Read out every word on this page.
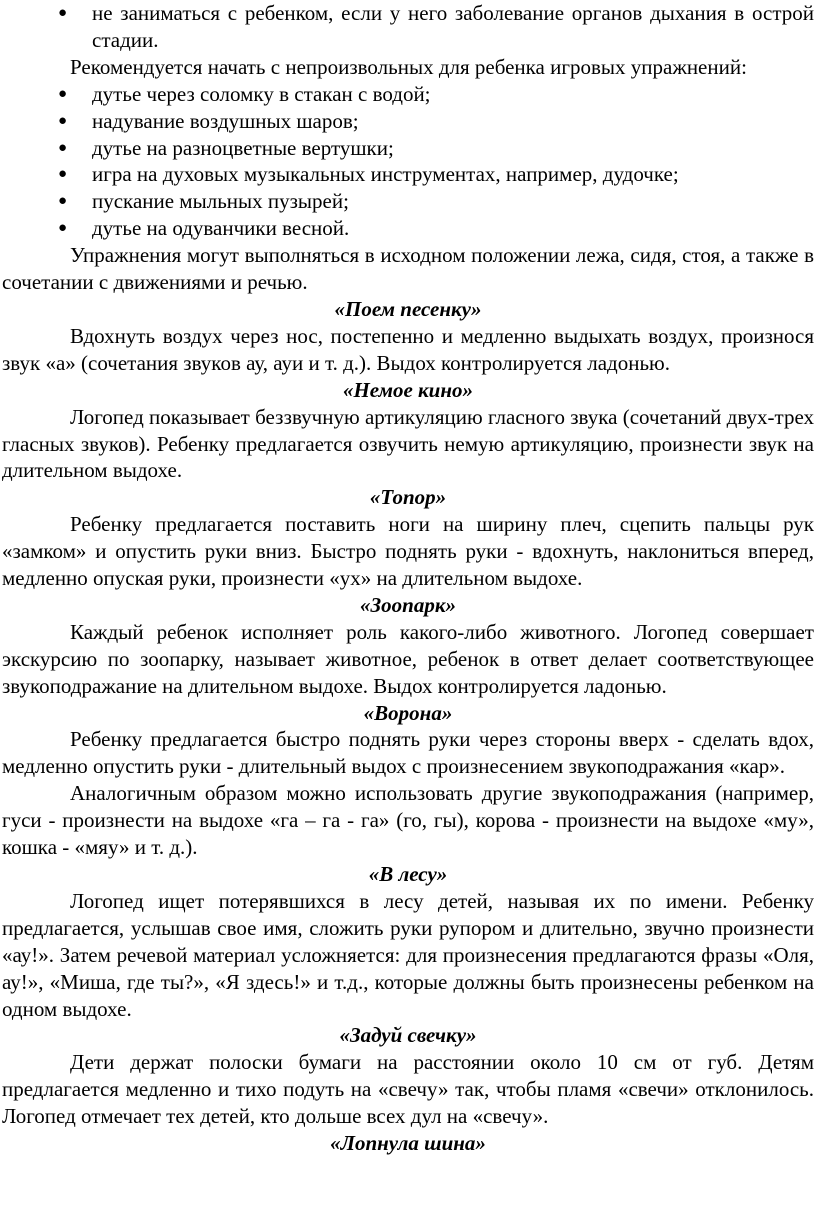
● не заниматься с ребенком, если у него заболевание органов дыхания в острой стадии.

Рекомендуется начать с непроизвольных для ребенка игровых упражнений:

● дутье через соломку в стакан с водой;
● надувание воздушных шаров;
● дутье на разноцветные вертушки;
● игра на духовых музыкальных инструментах, например, дудочке;
● пускание мыльных пузырей;
● дутье на одуванчики весной.

Упражнения могут выполняться в исходном положении лежа, сидя, стоя, а также в сочетании с движениями и речью.

«Поем песенку»

Вдохнуть воздух через нос, постепенно и медленно выдыхать воздух, произнося звук «а» (сочетания звуков ау, ауи и т. д.). Выдох контролируется ладонью.

«Немое кино»

Логопед показывает беззвучную артикуляцию гласного звука (сочетаний двух-трех гласных звуков). Ребенку предлагается озвучить немую артикуляцию, произнести звук на длительном выдохе.

«Топор»

Ребенку предлагается поставить ноги на ширину плеч, сцепить пальцы рук «замком» и опустить руки вниз. Быстро поднять руки - вдохнуть, наклониться вперед, медленно опуская руки, произнести «ух» на длительном выдохе.

«Зоопарк»

Каждый ребенок исполняет роль какого-либо животного. Логопед совершает экскурсию по зоопарку, называет животное, ребенок в ответ делает соответствующее звукоподражание на длительном выдохе. Выдох контролируется ладонью.

«Ворона»

Ребенку предлагается быстро поднять руки через стороны вверх - сделать вдох, медленно опустить руки - длительный выдох с произнесением звукоподражания «кар».

Аналогичным образом можно использовать другие звукоподражания (например, гуси - произнести на выдохе «га – га - га» (го, гы), корова - произнести на выдохе «му», кошка - «мяу» и т. д.).

«В лесу»

Логопед ищет потерявшихся в лесу детей, называя их по имени. Ребенку предлагается, услышав свое имя, сложить руки рупором и длительно, звучно произнести «ау!». Затем речевой материал усложняется: для произнесения предлагаются фразы «Оля, ау!», «Миша, где ты?», «Я здесь!» и т.д., которые должны быть произнесены ребенком на одном выдохе.

«Задуй свечку»

Дети держат полоски бумаги на расстоянии около 10 см от губ. Детям предлагается медленно и тихо подуть на «свечу» так, чтобы пламя «свечи» отклонилось. Логопед отмечает тех детей, кто дольше всех дул на «свечу».

«Лопнула шина»
